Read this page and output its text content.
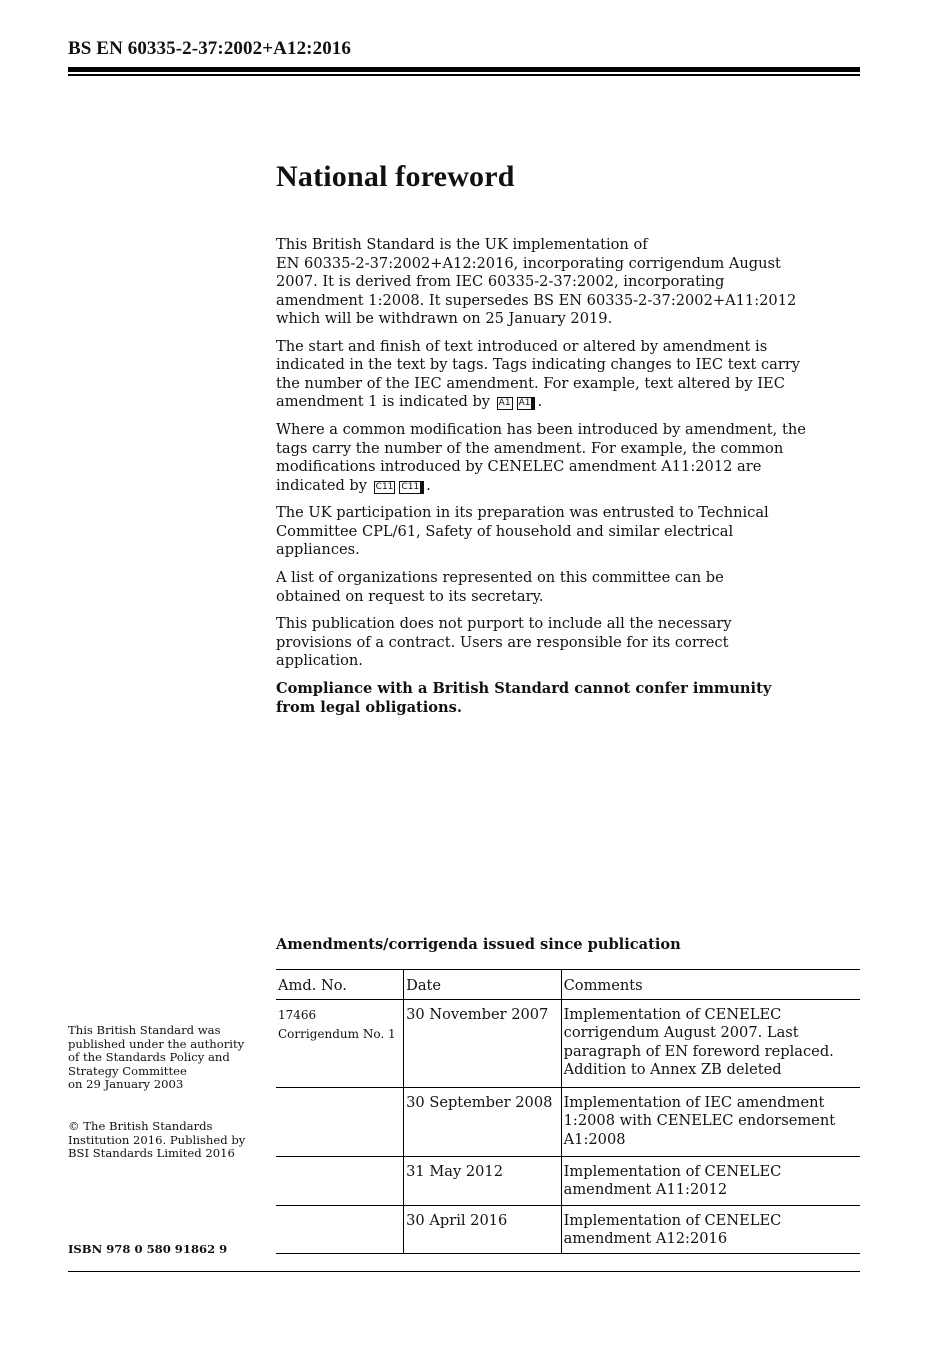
BS EN 60335-2-37:2002+A12:2016
National foreword

This British Standard is the UK implementation of
EN 60335-2-37:2002+A12:2016, incorporating corrigendum August
2007. It is derived from IEC 60335-2-37:2002, incorporating
amendment 1:2008. It supersedes BS EN 60335-2-37:2002+A11:2012
which will be withdrawn on 25 January 2019.

The start and finish of text introduced or altered by amendment is
indicated in the text by tags. Tags indicating changes to IEC text carry
the number of the IEC amendment. For example, text altered by IEC
amendment 1 is indicated by A1 A1 .

Where a common modification has been introduced by amendment, the
tags carry the number of the amendment. For example, the common
modifications introduced by CENELEC amendment A11:2012 are
indicated by C11 C11 .

The UK participation in its preparation was entrusted to Technical
Committee CPL/61, Safety of household and similar electrical
appliances.

A list of organizations represented on this committee can be
obtained on request to its secretary.

This publication does not purport to include all the necessary
provisions of a contract. Users are responsible for its correct
application.

Compliance with a British Standard cannot confer immunity
from legal obligations.

Amendments/corrigenda issued since publication
Amd. No.	Date	Comments

17466
Corrigendum No. 1	30 November 2007	Implementation of CENELEC corrigendum August 2007. Last paragraph of EN foreword replaced. Addition to Annex ZB deleted
	30 September 2008	Implementation of IEC amendment 1:2008 with CENELEC endorsement A1:2008
	31 May 2012	Implementation of CENELEC amendment A11:2012
	30 April 2016	Implementation of CENELEC amendment A12:2016
This British Standard was
published under the authority
of the Standards Policy and
Strategy Committee
on 29 January 2003
© The British Standards
Institution 2016. Published by
BSI Standards Limited 2016
ISBN 978 0 580 91862 9
